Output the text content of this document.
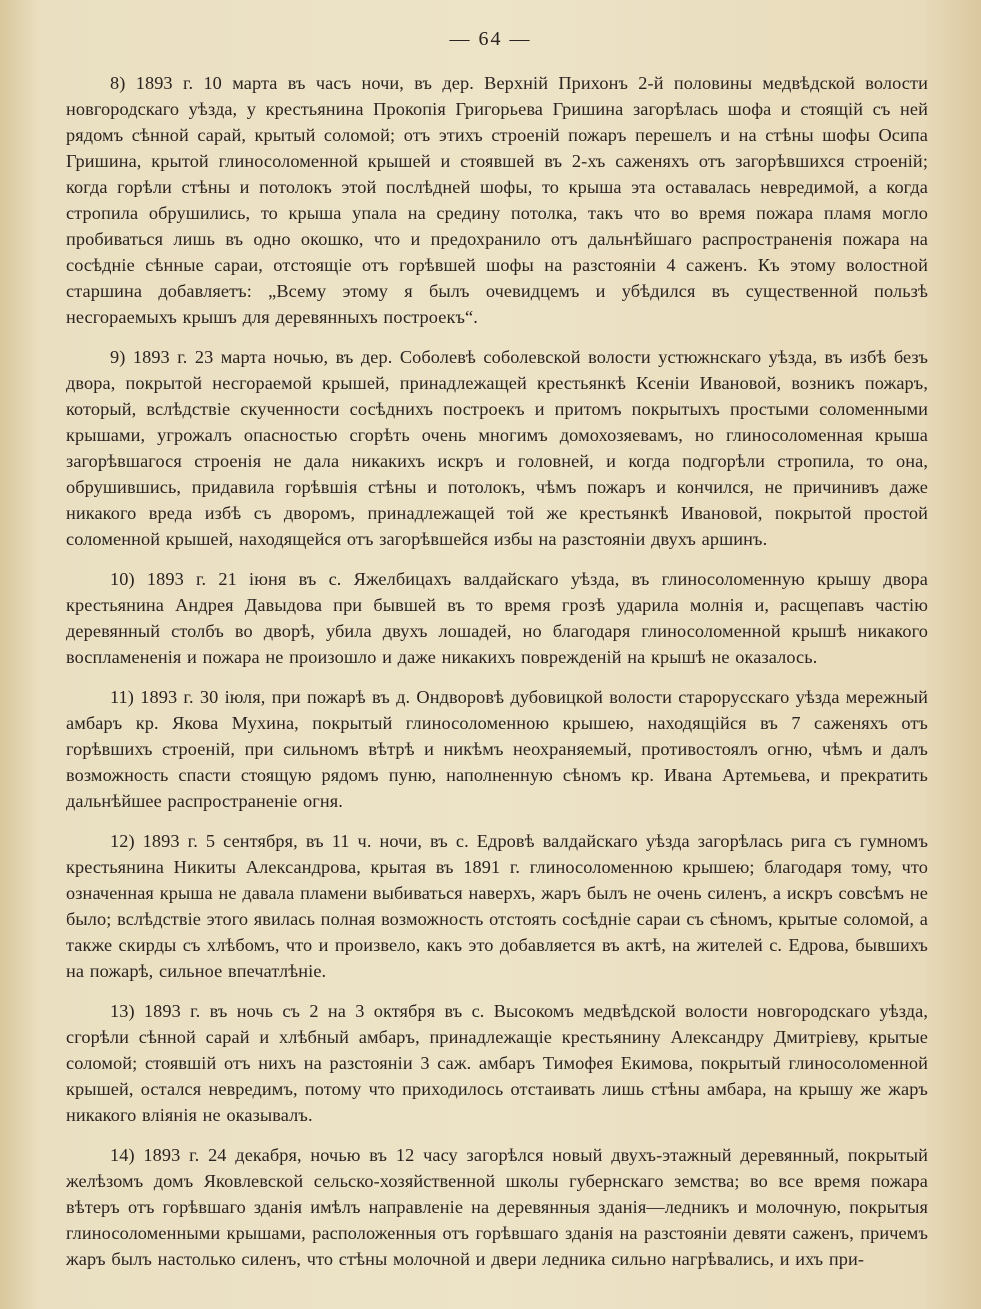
— 64 —

8) 1893 г. 10 марта въ часъ ночи, въ дер. Верхній Прихонъ 2-й половины медвѣдской волости новгородскаго уѣзда, у крестьянина Прокопія Григорьева Гришина загорѣлась шофа и стоящій съ ней рядомъ сѣнной сарай, крытый соломой; отъ этихъ строеній пожаръ перешелъ и на стѣны шофы Осипа Гришина, крытой глиносоломенной крышей и стоявшей въ 2-хъ саженяхъ отъ загорѣвшихся строеній; когда горѣли стѣны и потолокъ этой послѣдней шофы, то крыша эта оставалась невредимой, а когда стропила обрушились, то крыша упала на средину потолка, такъ что во время пожара пламя могло пробиваться лишь въ одно окошко, что и предохранило отъ дальнѣйшаго распространенія пожара на сосѣдніе сѣнные сараи, отстоящіе отъ горѣвшей шофы на разстояніи 4 саженъ. Къ этому волостной старшина добавляетъ: „Всему этому я былъ очевидцемъ и убѣдился въ существенной пользѣ несгораемыхъ крышъ для деревянныхъ построекъ“.

9) 1893 г. 23 марта ночью, въ дер. Соболевѣ соболевской волости устюжнскаго уѣзда, въ избѣ безъ двора, покрытой несгораемой крышей, принадлежащей крестьянкѣ Ксеніи Ивановой, возникъ пожаръ, который, вслѣдствіе скученности сосѣднихъ построекъ и притомъ покрытыхъ простыми соломенными крышами, угрожалъ опасностью сгорѣть очень многимъ домохозяевамъ, но глиносоломенная крыша загорѣвшагося строенія не дала никакихъ искръ и головней, и когда подгорѣли стропила, то она, обрушившись, придавила горѣвшія стѣны и потолокъ, чѣмъ пожаръ и кончился, не причинивъ даже никакого вреда избѣ съ дворомъ, принадлежащей той же крестьянкѣ Ивановой, покрытой простой соломенной крышей, находящейся отъ загорѣвшейся избы на разстояніи двухъ аршинъ.

10) 1893 г. 21 іюня въ с. Яжелбицахъ валдайскаго уѣзда, въ глиносоломенную крышу двора крестьянина Андрея Давыдова при бывшей въ то время грозѣ ударила молнія и, расщепавъ частію деревянный столбъ во дворѣ, убила двухъ лошадей, но благодаря глиносоломенной крышѣ никакого воспламененія и пожара не произошло и даже никакихъ поврежденій на крышѣ не оказалось.

11) 1893 г. 30 іюля, при пожарѣ въ д. Ондворовѣ дубовицкой волости старорусскаго уѣзда мережный амбаръ кр. Якова Мухина, покрытый глиносоломенною крышею, находящійся въ 7 саженяхъ отъ горѣвшихъ строеній, при сильномъ вѣтрѣ и никѣмъ неохраняемый, противостоялъ огню, чѣмъ и далъ возможность спасти стоящую рядомъ пуню, наполненную сѣномъ кр. Ивана Артемьева, и прекратить дальнѣйшее распространеніе огня.

12) 1893 г. 5 сентября, въ 11 ч. ночи, въ с. Едровѣ валдайскаго уѣзда загорѣлась рига съ гумномъ крестьянина Никиты Александрова, крытая въ 1891 г. глиносоломенною крышею; благодаря тому, что означенная крыша не давала пламени выбиваться наверхъ, жаръ былъ не очень силенъ, а искръ совсѣмъ не было; вслѣдствіе этого явилась полная возможность отстоять сосѣдніе сараи съ сѣномъ, крытые соломой, а также скирды съ хлѣбомъ, что и произвело, какъ это добавляется въ актѣ, на жителей с. Едрова, бывшихъ на пожарѣ, сильное впечатлѣніе.

13) 1893 г. въ ночь съ 2 на 3 октября въ с. Высокомъ медвѣдской волости новгородскаго уѣзда, сгорѣли сѣнной сарай и хлѣбный амбаръ, принадлежащіе крестьянину Александру Дмитріеву, крытые соломой; стоявшій отъ нихъ на разстояніи 3 саж. амбаръ Тимофея Екимова, покрытый глиносоломенной крышей, остался невредимъ, потому что приходилось отстаивать лишь стѣны амбара, на крышу же жаръ никакого вліянія не оказывалъ.

14) 1893 г. 24 декабря, ночью въ 12 часу загорѣлся новый двухъ-этажный деревянный, покрытый желѣзомъ домъ Яковлевской сельско-хозяйственной школы губернскаго земства; во все время пожара вѣтеръ отъ горѣвшаго зданія имѣлъ направленіе на деревянныя зданія—ледникъ и молочную, покрытыя глиносоломенными крышами, расположенныя отъ горѣвшаго зданія на разстояніи девяти саженъ, причемъ жаръ былъ настолько силенъ, что стѣны молочной и двери ледника сильно нагрѣвались, и ихъ при-
